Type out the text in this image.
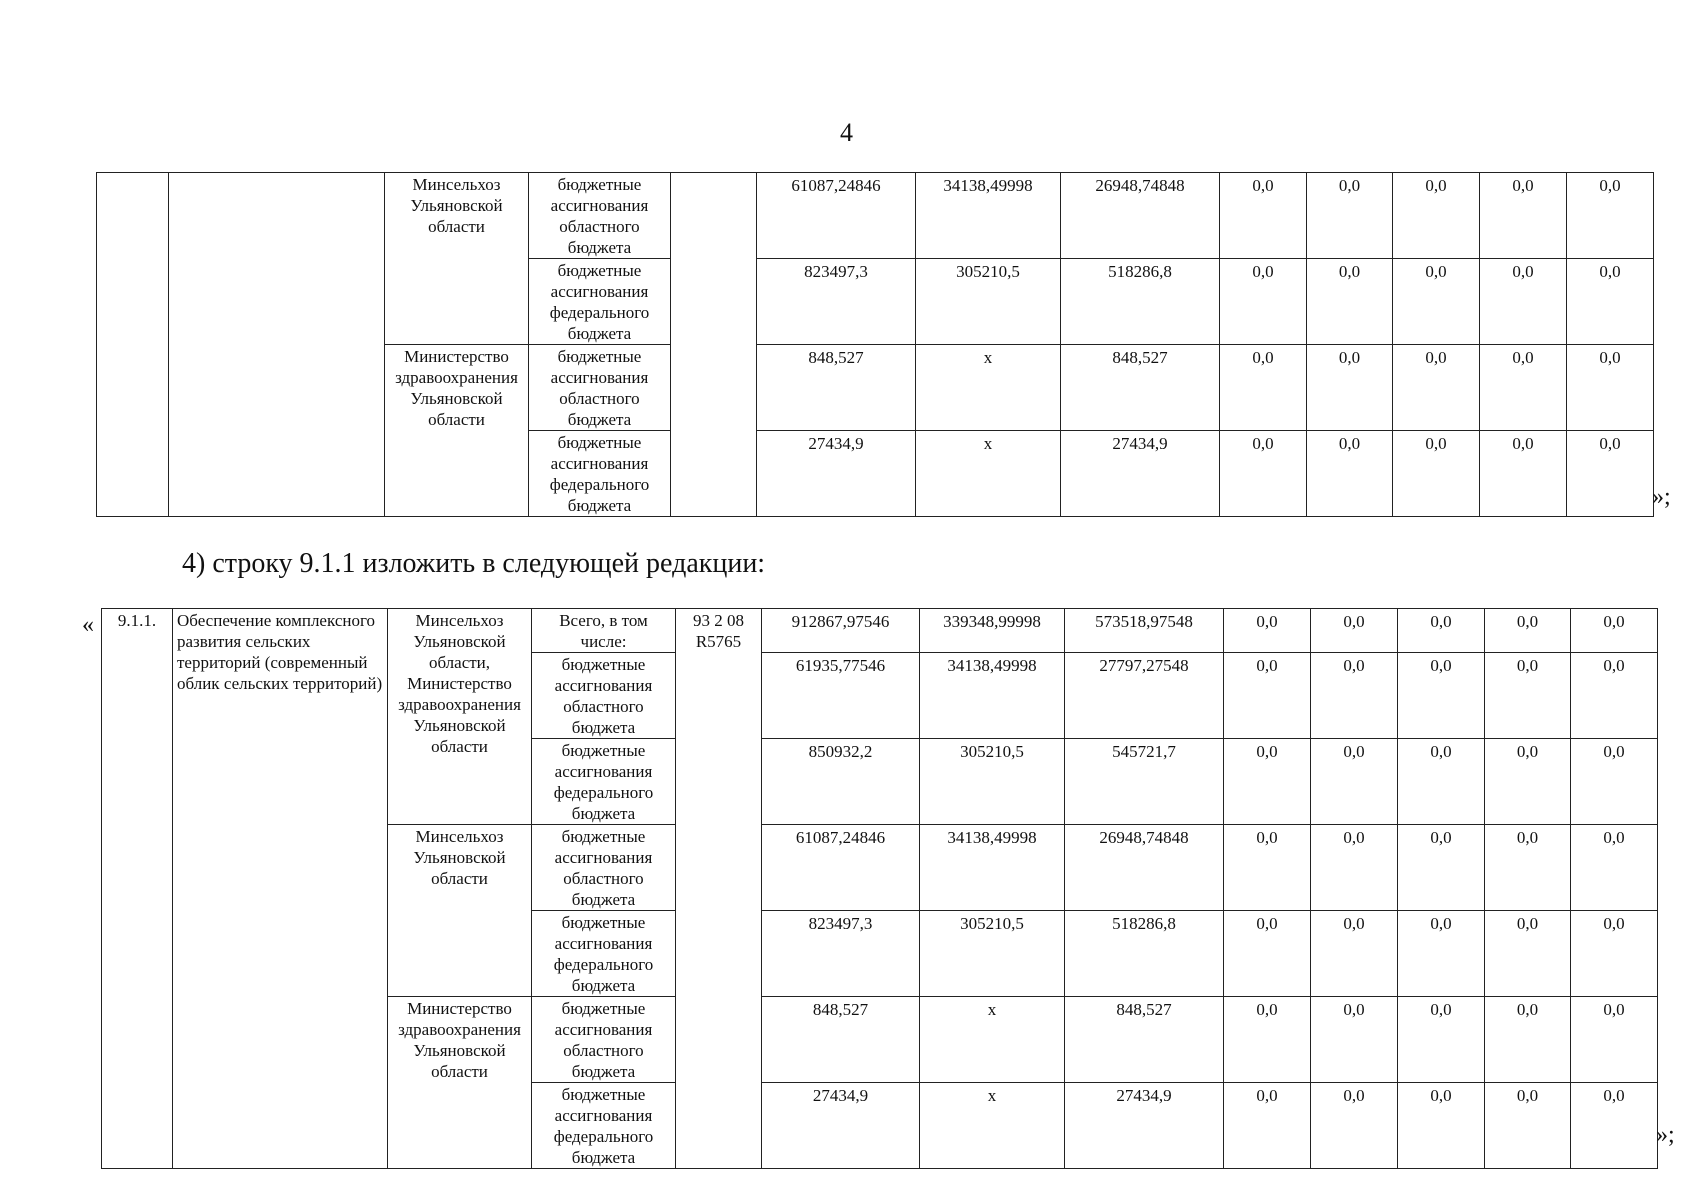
4
		Минсельхоз Ульяновской области	бюджетные ассигнования областного бюджета		61087,24846	34138,49998	26948,74848	0,0	0,0	0,0	0,0	0,0
			бюджетные ассигнования федерального бюджета		823497,3	305210,5	518286,8	0,0	0,0	0,0	0,0	0,0
		Министерство здравоохранения Ульяновской области	бюджетные ассигнования областного бюджета		848,527	х	848,527	0,0	0,0	0,0	0,0	0,0
			бюджетные ассигнования федерального бюджета		27434,9	х	27434,9	0,0	0,0	0,0	0,0	0,0
»;
4) строку 9.1.1 изложить в следующей редакции:
« 9.1.1.	Обеспечение комплексного развития сельских территорий (современный облик сельских территорий)	Минсельхоз Ульяновской области, Министерство здравоохранения Ульяновской области	Всего, в том числе:	93 2 08 R5765	912867,97546	339348,99998	573518,97548	0,0	0,0	0,0	0,0	0,0
			бюджетные ассигнования областного бюджета		61935,77546	34138,49998	27797,27548	0,0	0,0	0,0	0,0	0,0
			бюджетные ассигнования федерального бюджета		850932,2	305210,5	545721,7	0,0	0,0	0,0	0,0	0,0
		Минсельхоз Ульяновской области	бюджетные ассигнования областного бюджета		61087,24846	34138,49998	26948,74848	0,0	0,0	0,0	0,0	0,0
			бюджетные ассигнования федерального бюджета		823497,3	305210,5	518286,8	0,0	0,0	0,0	0,0	0,0
		Министерство здравоохранения Ульяновской области	бюджетные ассигнования областного бюджета		848,527	х	848,527	0,0	0,0	0,0	0,0	0,0
			бюджетные ассигнования федерального бюджета		27434,9	х	27434,9	0,0	0,0	0,0	0,0	0,0
»;
